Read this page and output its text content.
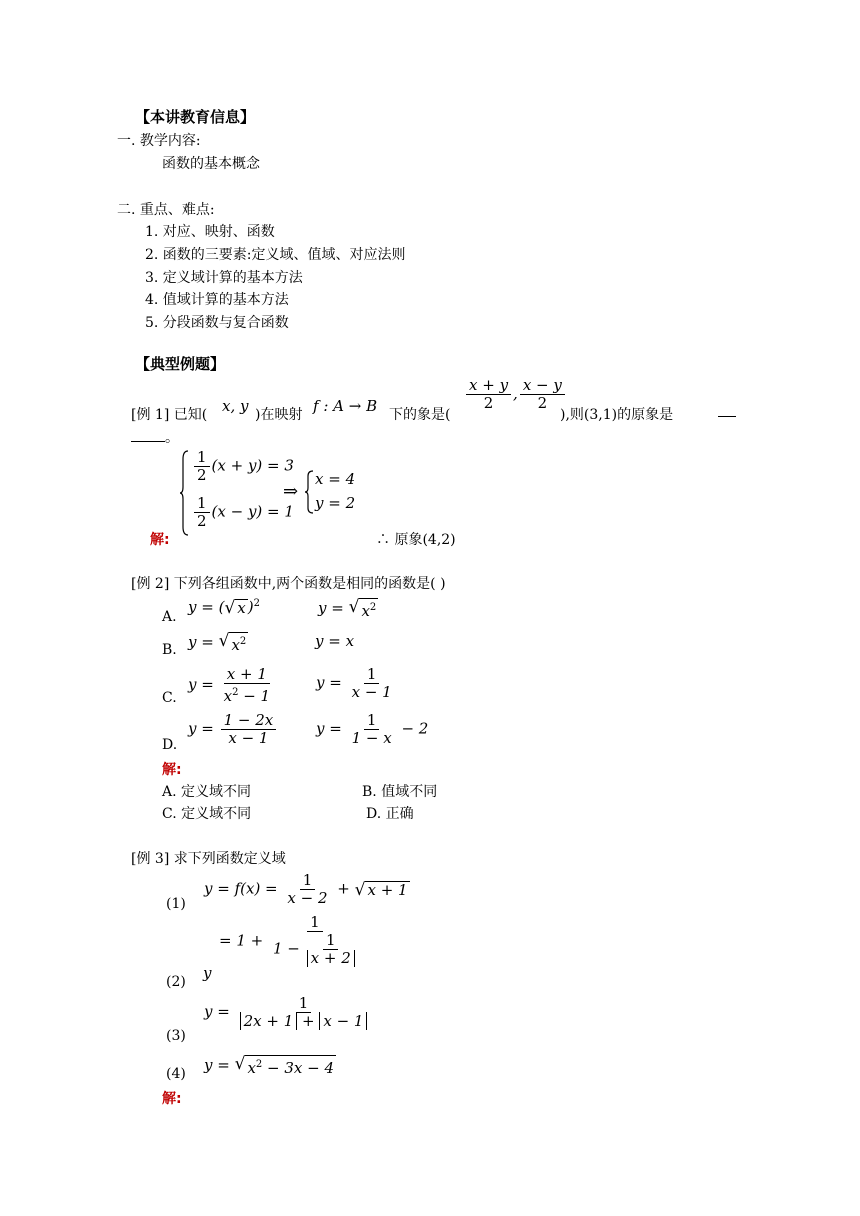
【本讲教育信息】
一. 教学内容:
函数的基本概念
二. 重点、难点:
1. 对应、映射、函数
2. 函数的三要素:定义域、值域、对应法则
3. 定义域计算的基本方法
4. 值域计算的基本方法
5. 分段函数与复合函数
【典型例题】
[例 1] 已知( x, y )在映射 f : A → B 下的象是(
$\frac{x + y}{2}$ , $\frac{x - y}{2}$
),则(3,1)的原象是
。
$\frac{1}{2} (x + y) = 3$
$\frac{1}{2} (x - y) = 1$
⇒
x = 4
y = 2
解:	∴ 原象(4,2)
[例 2] 下列各组函数中,两个函数是相同的函数是( )
A.
y = ( √ x )$^2$	y = √ $x^2$
B. y = √ $x^2$	y = x
C.
$y = \frac{x + 1}{x^2 - 1}$	$y = \frac{1}{x - 1}$
D.
$y = \frac{1 - 2x}{x - 1}$	$y = \frac{1}{1 - x} - 2$
解:
A. 定义域不同	B. 值域不同
C. 定义域不同	D. 正确
[例 3] 求下列函数定义域
(1)
$y = f(x) = \frac{1}{x - 2}$ + √ x + 1
(2) y
= $1 + \frac{1}{1 - \frac{1}{x + 2}}$
(3)
$y = \frac{1}{2x + 1 + x - 1}$
(4) y = √ $x^2 - 3x - 4$
解:
